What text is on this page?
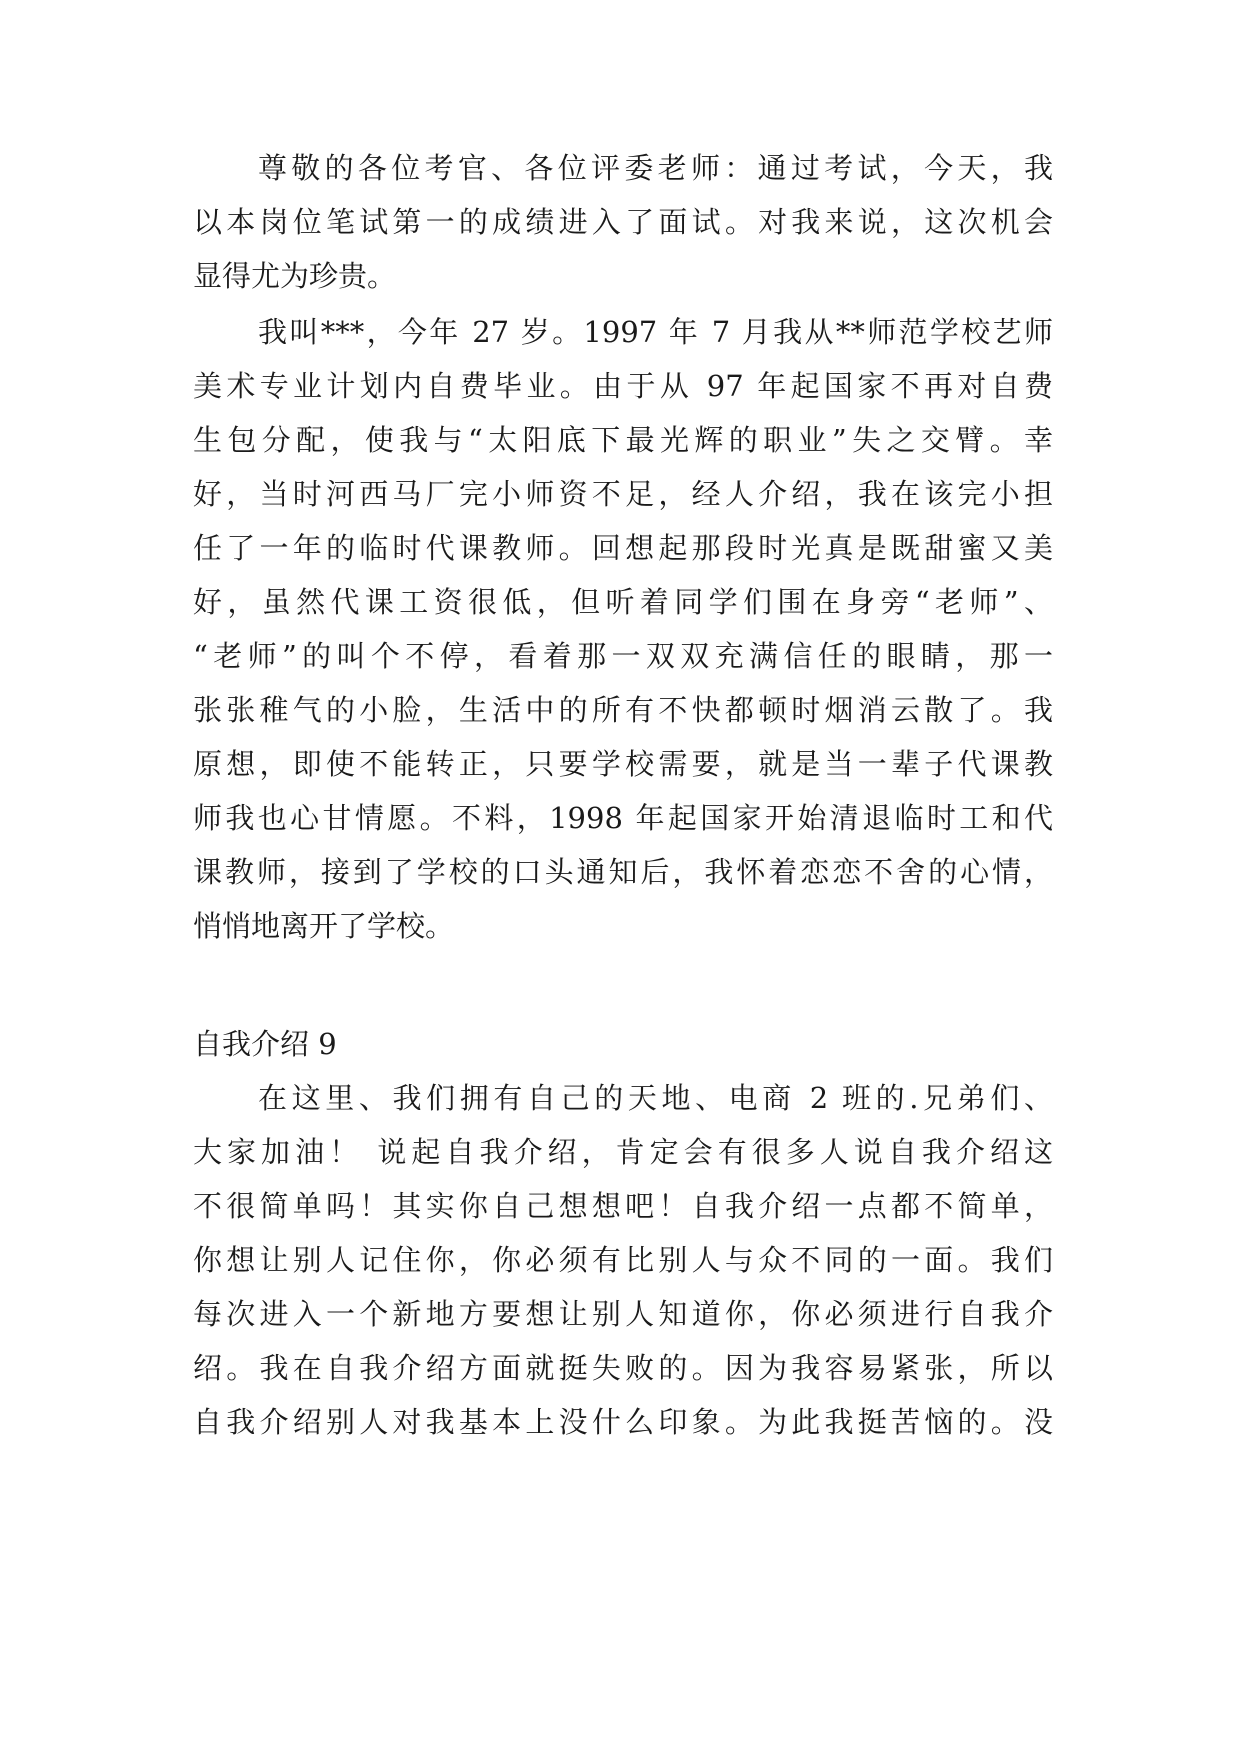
尊敬的各位考官、各位评委老师：通过考试，今天，我
以本岗位笔试第一的成绩进入了面试。对我来说，这次机会
显得尤为珍贵。
我叫***，今年 27 岁。1997 年 7 月我从**师范学校艺师
美术专业计划内自费毕业。由于从 97 年起国家不再对自费
生包分配，使我与“太阳底下最光辉的职业”失之交臂。幸
好，当时河西马厂完小师资不足，经人介绍，我在该完小担
任了一年的临时代课教师。回想起那段时光真是既甜蜜又美
好，虽然代课工资很低，但听着同学们围在身旁“老师”、
“老师”的叫个不停，看着那一双双充满信任的眼睛，那一
张张稚气的小脸，生活中的所有不快都顿时烟消云散了。我
原想，即使不能转正，只要学校需要，就是当一辈子代课教
师我也心甘情愿。不料，1998 年起国家开始清退临时工和代
课教师，接到了学校的口头通知后，我怀着恋恋不舍的心情，
悄悄地离开了学校。
自我介绍 9
在这里、我们拥有自己的天地、电商 2 班的.兄弟们、
大家加油！ 说起自我介绍，肯定会有很多人说自我介绍这
不很简单吗！其实你自己想想吧！自我介绍一点都不简单，
你想让别人记住你，你必须有比别人与众不同的一面。我们
每次进入一个新地方要想让别人知道你，你必须进行自我介
绍。我在自我介绍方面就挺失败的。因为我容易紧张，所以
自我介绍别人对我基本上没什么印象。为此我挺苦恼的。没
